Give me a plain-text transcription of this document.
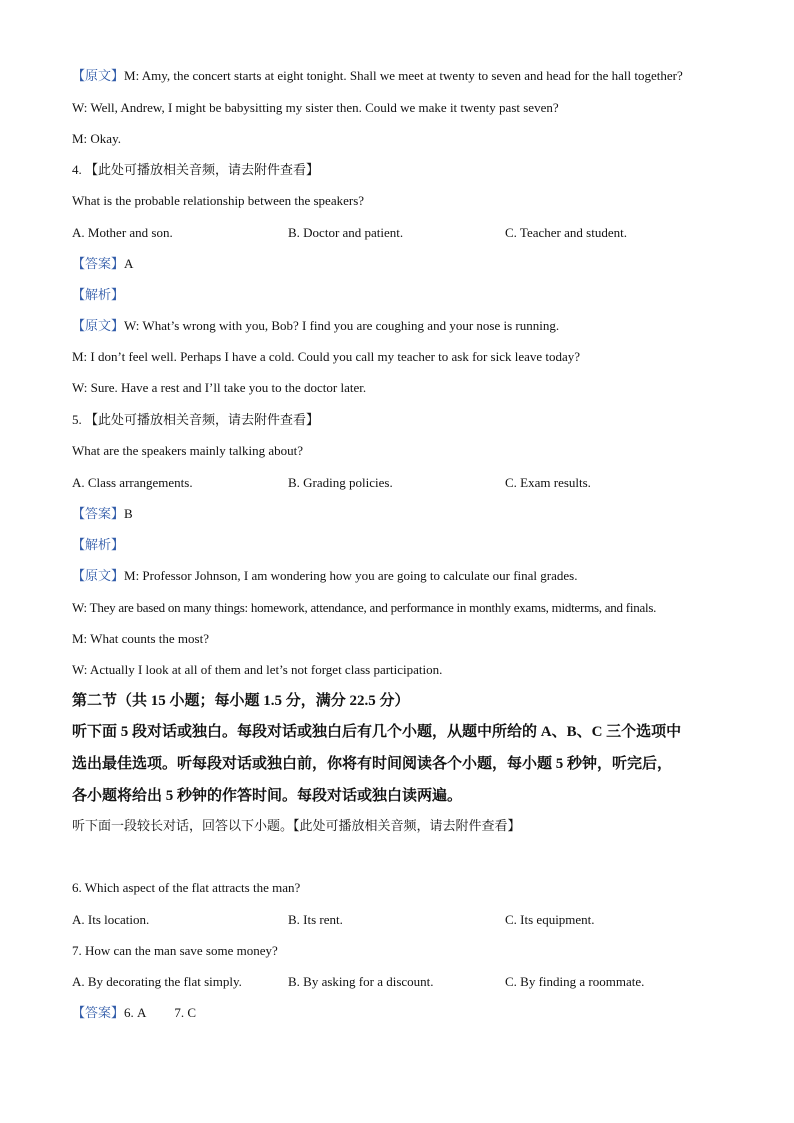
【原文】M: Amy, the concert starts at eight tonight. Shall we meet at twenty to seven and head for the hall together?
W: Well, Andrew, I might be babysitting my sister then. Could we make it twenty past seven?
M: Okay.
4. 【此处可播放相关音频，请去附件查看】
What is the probable relationship between the speakers?
A. Mother and son.	B. Doctor and patient.	C. Teacher and student.
【答案】A
【解析】
【原文】W: What’s wrong with you, Bob? I find you are coughing and your nose is running.
M: I don’t feel well. Perhaps I have a cold. Could you call my teacher to ask for sick leave today?
W: Sure. Have a rest and I’ll take you to the doctor later.
5. 【此处可播放相关音频，请去附件查看】
What are the speakers mainly talking about?
A. Class arrangements.	B. Grading policies.	C. Exam results.
【答案】B
【解析】
【原文】M: Professor Johnson, I am wondering how you are going to calculate our final grades.
W: They are based on many things: homework, attendance, and performance in monthly exams, midterms, and finals.
M: What counts the most?
W: Actually I look at all of them and let’s not forget class participation.
第二节（共 15 小题；每小题 1.5 分，满分 22.5 分）
听下面 5 段对话或独白。每段对话或独白后有几个小题，从题中所给的 A、B、C 三个选项中
选出最佳选项。听每段对话或独白前，你将有时间阅读各个小题，每小题 5 秒钟，听完后，
各小题将给出 5 秒钟的作答时间。每段对话或独白读两遍。
听下面一段较长对话，回答以下小题。【此处可播放相关音频，请去附件查看】
6. Which aspect of the flat attracts the man?
A. Its location.	B. Its rent.	C. Its equipment.
7. How can the man save some money?
A. By decorating the flat simply.	B. By asking for a discount.	C. By finding a roommate.
【答案】6. A 7. C
